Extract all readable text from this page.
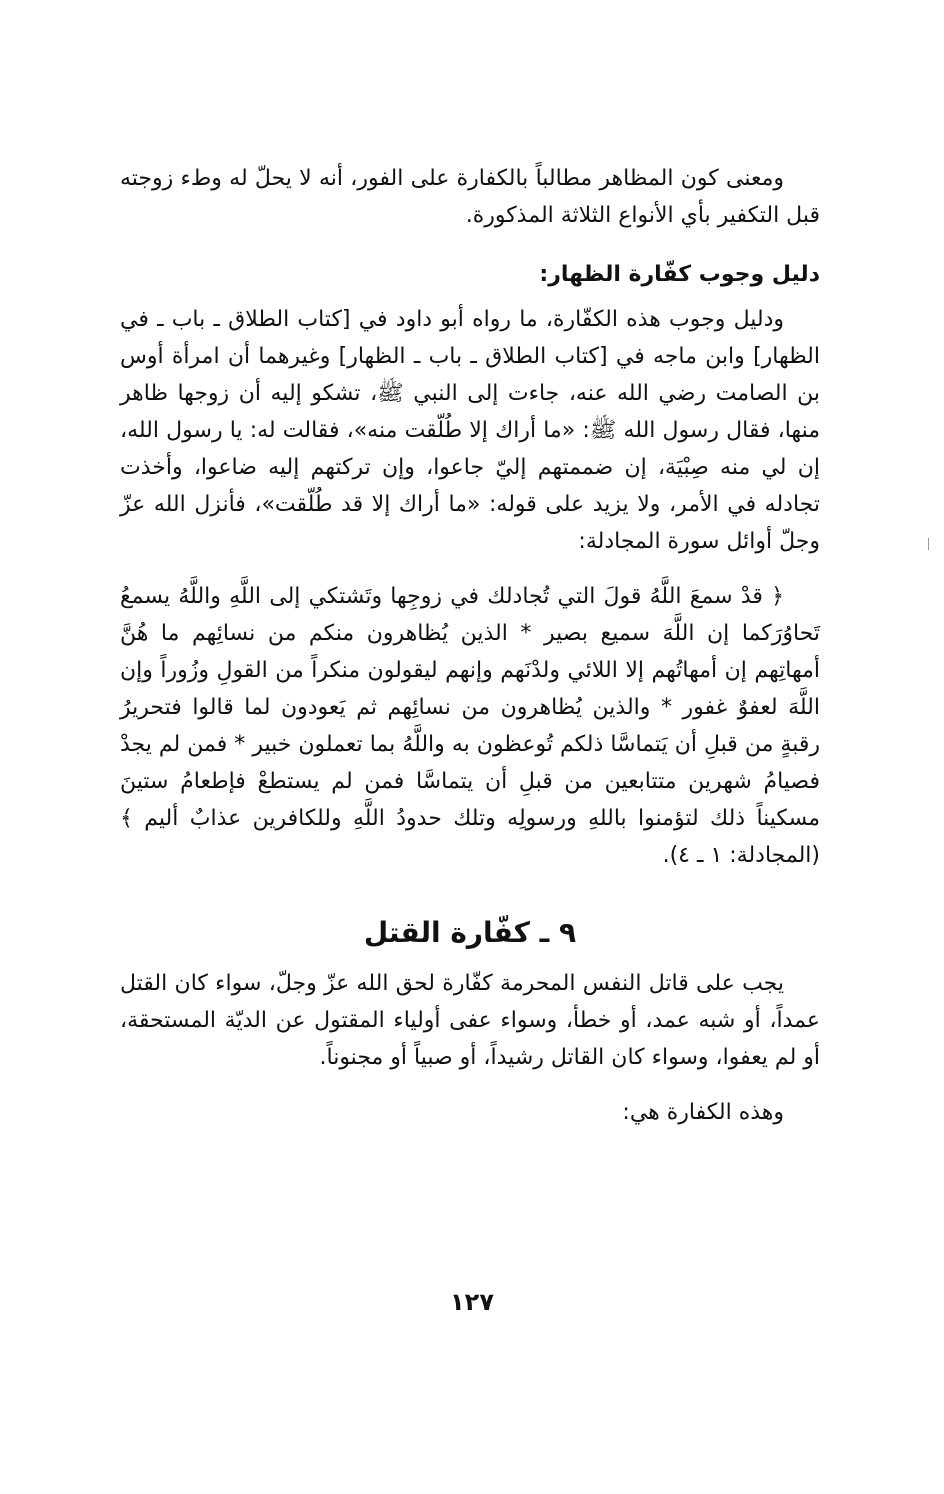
ومعنى كون المظاهر مطالباً بالكفارة على الفور، أنه لا يحلّ له وطء زوجته قبل التكفير بأي الأنواع الثلاثة المذكورة.

دليل وجوب كفّارة الظهار:

ودليل وجوب هذه الكفّارة، ما رواه أبو داود في [كتاب الطلاق ـ باب ـ في الظهار] وابن ماجه في [كتاب الطلاق ـ باب ـ الظهار] وغيرهما أن امرأة أوس بن الصامت رضي الله عنه، جاءت إلى النبي ﷺ، تشكو إليه أن زوجها ظاهر منها، فقال رسول الله ﷺ: «ما أراك إلا طُلّقت منه»، فقالت له: يا رسول الله، إن لي منه صِبْيَة، إن ضممتهم إليّ جاعوا، وإن تركتهم إليه ضاعوا، وأخذت تجادله في الأمر، ولا يزيد على قوله: «ما أراك إلا قد طُلّقت»، فأنزل الله عزّ وجلّ أوائل سورة المجادلة:

﴿ قدْ سمعَ اللَّهُ قولَ التي تُجادلك في زوجِها وتَشتكي إلى اللَّهِ واللَّهُ يسمعُ تَحاوُرَكما إن اللَّهَ سميع بصير * الذين يُظاهرون منكم من نسائِهم ما هُنَّ أمهاتِهم إن أمهاتُهم إلا اللائي ولدْنَهم وإنهم ليقولون منكراً من القولِ وزُوراً وإن اللَّهَ لعفوٌ غفور * والذين يُظاهرون من نسائِهم ثم يَعودون لما قالوا فتحريرُ رقبةٍ من قبلِ أن يَتماسَّا ذلكم تُوعظون به واللَّهُ بما تعملون خبير * فمن لم يجدْ فصيامُ شهرين متتابعين من قبلِ أن يتماسَّا فمن لم يستطعْ فإطعامُ ستينَ مسكيناً ذلك لتؤمنوا باللهِ ورسولِه وتلك حدودُ اللَّهِ وللكافرين عذابٌ أليم ﴾ (المجادلة: ١ ـ ٤).

٩ ـ كفّارة القتل

يجب على قاتل النفس المحرمة كفّارة لحق الله عزّ وجلّ، سواء كان القتل عمداً، أو شبه عمد، أو خطأ، وسواء عفى أولياء المقتول عن الديّة المستحقة، أو لم يعفوا، وسواء كان القاتل رشيداً، أو صبياً أو مجنوناً.

وهذه الكفارة هي:

١٢٧
